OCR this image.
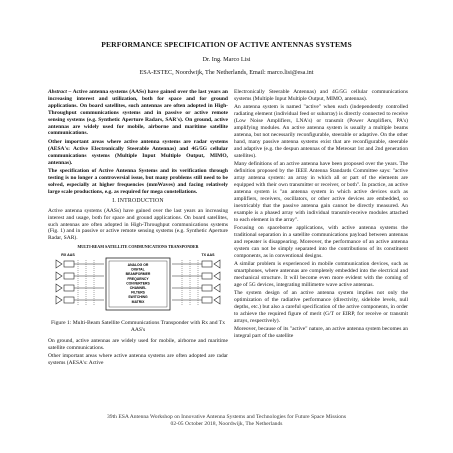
PERFORMANCE SPECIFICATION OF ACTIVE ANTENNAS SYSTEMS
Dr. Ing. Marco Lisi
ESA-ESTEC, Noordwijk, The Netherlands, Email: marco.lisi@esa.int

Abstract – Active antenna systems (AASs) have gained over the last years an increasing interest and utilization, both for space and for ground applications. On board satellites, such antennas are often adopted in High-Throughput communications systems and in passive or active remote sensing systems (e.g. Synthetic Aperture Radars, SAR's). On ground, active antennas are widely used for mobile, airborne and maritime satellite communications.

Other important areas where active antenna systems are radar systems (AESA's: Active Electronically Steerable Antennas) and 4G/5G cellular communications systems (Multiple Input Multiple Output, MIMO, antennas).

The specification of Active Antenna Systems and its verification through testing is no longer a controversial issue, but many problems still need to be solved, especially at higher frequencies (mmWaves) and facing relatively large scale productions, e.g. as required for mega constellations.

I. INTRODUCTION

Active antenna systems (AASs) have gained over the last years an increasing interest and usage, both for space and ground applications. On board satellites, such antennas are often adopted in High-Throughput communications systems (Fig. 1) and in passive or active remote sensing systems (e.g. Synthetic Aperture Radar, SAR).

MULTI-BEAM SATELLITE COMMUNICATIONS TRANSPONDER
RX AAS
ANALOG OR
DIGITAL
BEAMFORMER
FREQUENCY
CONVERTERS
CHANNEL
FILTERS
SWITCHING
MATRIX
TX AAS

Figure 1: Multi-Beam Satellite Communications Transponder with Rx and Tx AAS's

On ground, active antennas are widely used for mobile, airborne and maritime satellite communications.

Other important areas where active antenna systems are often adopted are radar systems (AESA's: Active

Electronically Steerable Antennas) and 4G/5G cellular communications systems (Multiple Input Multiple Output, MIMO, antennas).

An antenna system is named "active" when each (independently controlled radiating element (individual feed or subarray) is directly connected to receive (Low Noise Amplifiers, LNA's) or transmit (Power Amplifiers, PA's) amplifying modules. An active antenna system is usually a multiple beams antenna, but not necessarily reconfigurable, steerable or adaptive. On the other hand, many passive antenna systems exist that are reconfigurable, steerable and adaptive (e.g. the despun antennas of the Meteosat 1st and 2nd generation satellites).

Many definitions of an active antenna have been proposed over the years. The definition proposed by the IEEE Antenna Standards Committee says: "active array antenna system: an array in which all or part of the elements are equipped with their own transmitter or receiver, or both". In practice, an active antenna system is "an antenna system in which active devices such as amplifiers, receivers, oscillators, or other active devices are embedded, so inextricably that the passive antenna gain cannot be directly measured. An example is a phased array with individual transmit-receive modules attached to each element in the array".

Focusing on spaceborne applications, with active antenna systems the traditional separation in a satellite communications payload between antennas and repeater is disappearing. Moreover, the performance of an active antenna system can not be simply separated into the contributions of its constituent components, as in conventional designs.

A similar problem is experienced in mobile communication devices, such as smartphones, where antennas are completely embedded into the electrical and mechanical structure. It will become even more evident with the coming of age of 5G devices, integrating millimetre wave active antennas.

The system design of an active antenna system implies not only the optimization of the radiative performance (directivity, sidelobe levels, null depths, etc.) but also a careful specification of the active components, in order to achieve the required figure of merit (G/T or EIRP, for receive or transmit arrays, respectively).

Moreover, because of its "active" nature, an active antenna system becomes an integral part of the satellite

39th ESA Antenna Workshop on Innovative Antenna Systems and Technologies for Future Space Missions
02-05 October 2018, Noordwijk, The Netherlands
